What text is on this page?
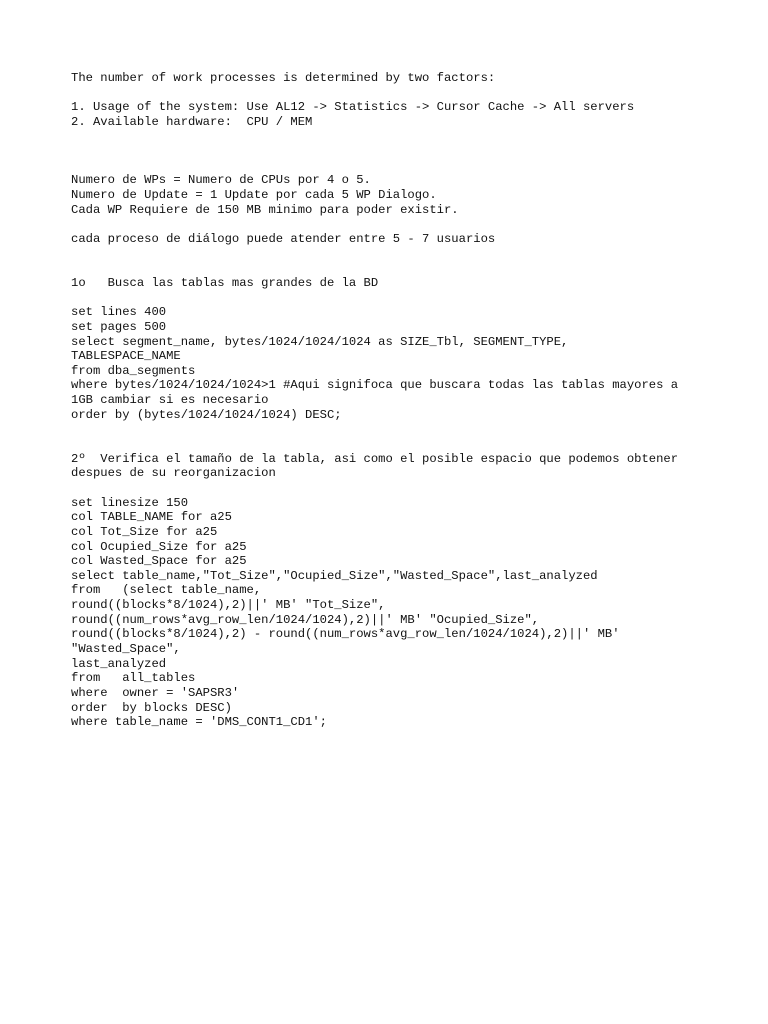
The number of work processes is determined by two factors:
1. Usage of the system: Use AL12 -> Statistics -> Cursor Cache -> All servers
2. Available hardware:  CPU / MEM
Numero de WPs = Numero de CPUs por 4 o 5.
Numero de Update = 1 Update por cada 5 WP Dialogo.
Cada WP Requiere de 150 MB minimo para poder existir.
cada proceso de diálogo puede atender entre 5 - 7 usuarios
1o   Busca las tablas mas grandes de la BD
set lines 400
set pages 500
select segment_name, bytes/1024/1024/1024 as SIZE_Tbl, SEGMENT_TYPE,
TABLESPACE_NAME
from dba_segments
where bytes/1024/1024/1024>1 #Aqui signifoca que buscara todas las tablas mayores a
1GB cambiar si es necesario
order by (bytes/1024/1024/1024) DESC;
2º  Verifica el tamaño de la tabla, asi como el posible espacio que podemos obtener
despues de su reorganizacion
set linesize 150
col TABLE_NAME for a25
col Tot_Size for a25
col Ocupied_Size for a25
col Wasted_Space for a25
select table_name,"Tot_Size","Ocupied_Size","Wasted_Space",last_analyzed
from   (select table_name,
round((blocks*8/1024),2)||' MB' "Tot_Size",
round((num_rows*avg_row_len/1024/1024),2)||' MB' "Ocupied_Size",
round((blocks*8/1024),2) - round((num_rows*avg_row_len/1024/1024),2)||' MB'
"Wasted_Space",
last_analyzed
from   all_tables
where  owner = 'SAPSR3'
order  by blocks DESC)
where table_name = 'DMS_CONT1_CD1';
